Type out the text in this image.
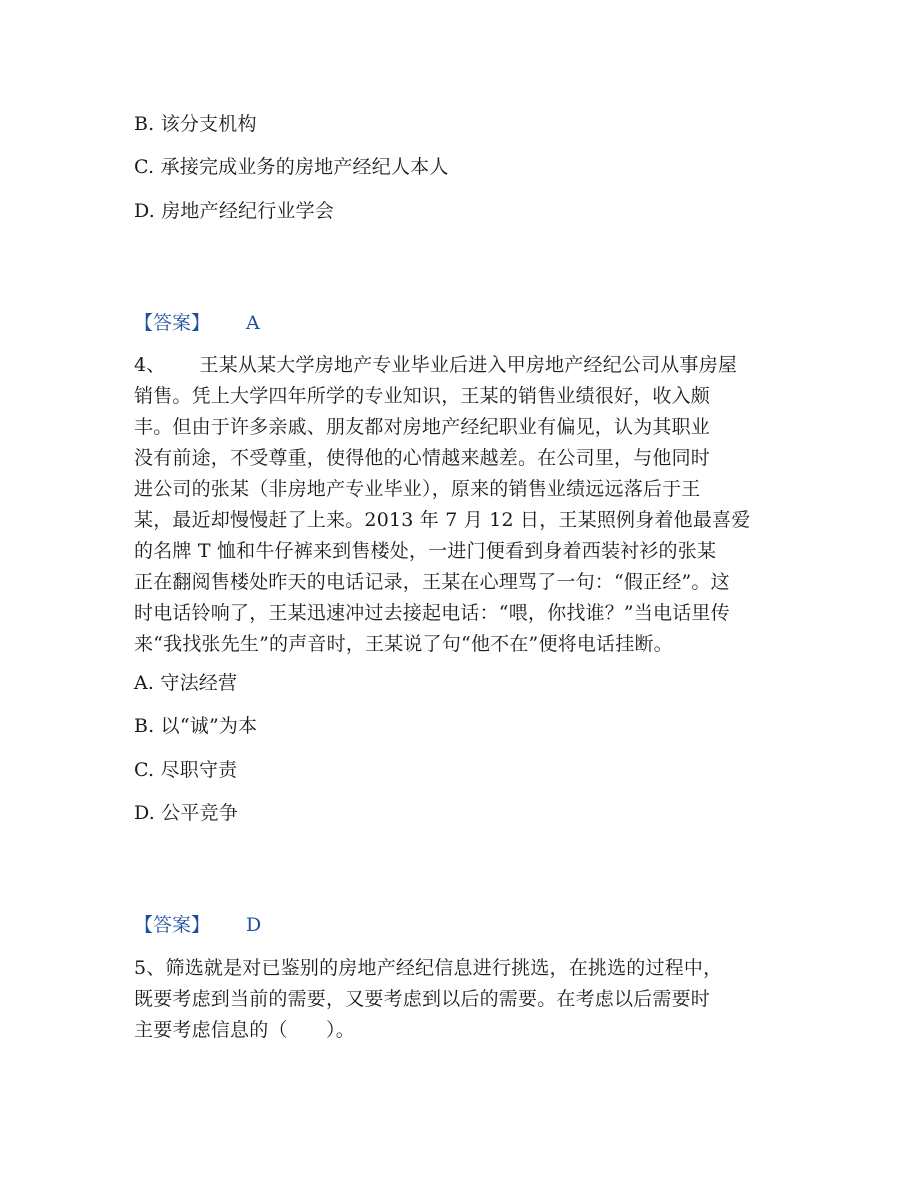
B. 该分支机构
C. 承接完成业务的房地产经纪人本人
D. 房地产经纪行业学会
【答案】 A
4、 王某从某大学房地产专业毕业后进入甲房地产经纪公司从事房屋
销售。凭上大学四年所学的专业知识，王某的销售业绩很好，收入颇
丰。但由于许多亲戚、朋友都对房地产经纪职业有偏见，认为其职业
没有前途，不受尊重，使得他的心情越来越差。在公司里，与他同时
进公司的张某（非房地产专业毕业），原来的销售业绩远远落后于王
某，最近却慢慢赶了上来。2013 年 7 月 12 日，王某照例身着他最喜爱
的名牌 T 恤和牛仔裤来到售楼处，一进门便看到身着西装衬衫的张某
正在翻阅售楼处昨天的电话记录，王某在心理骂了一句：“假正经”。这
时电话铃响了，王某迅速冲过去接起电话：“喂，你找谁？”当电话里传
来“我找张先生”的声音时，王某说了句“他不在”便将电话挂断。
A. 守法经营
B. 以“诚”为本
C. 尽职守责
D. 公平竞争
【答案】 D
5、筛选就是对已鉴别的房地产经纪信息进行挑选，在挑选的过程中，
既要考虑到当前的需要，又要考虑到以后的需要。在考虑以后需要时
主要考虑信息的（　　）。
